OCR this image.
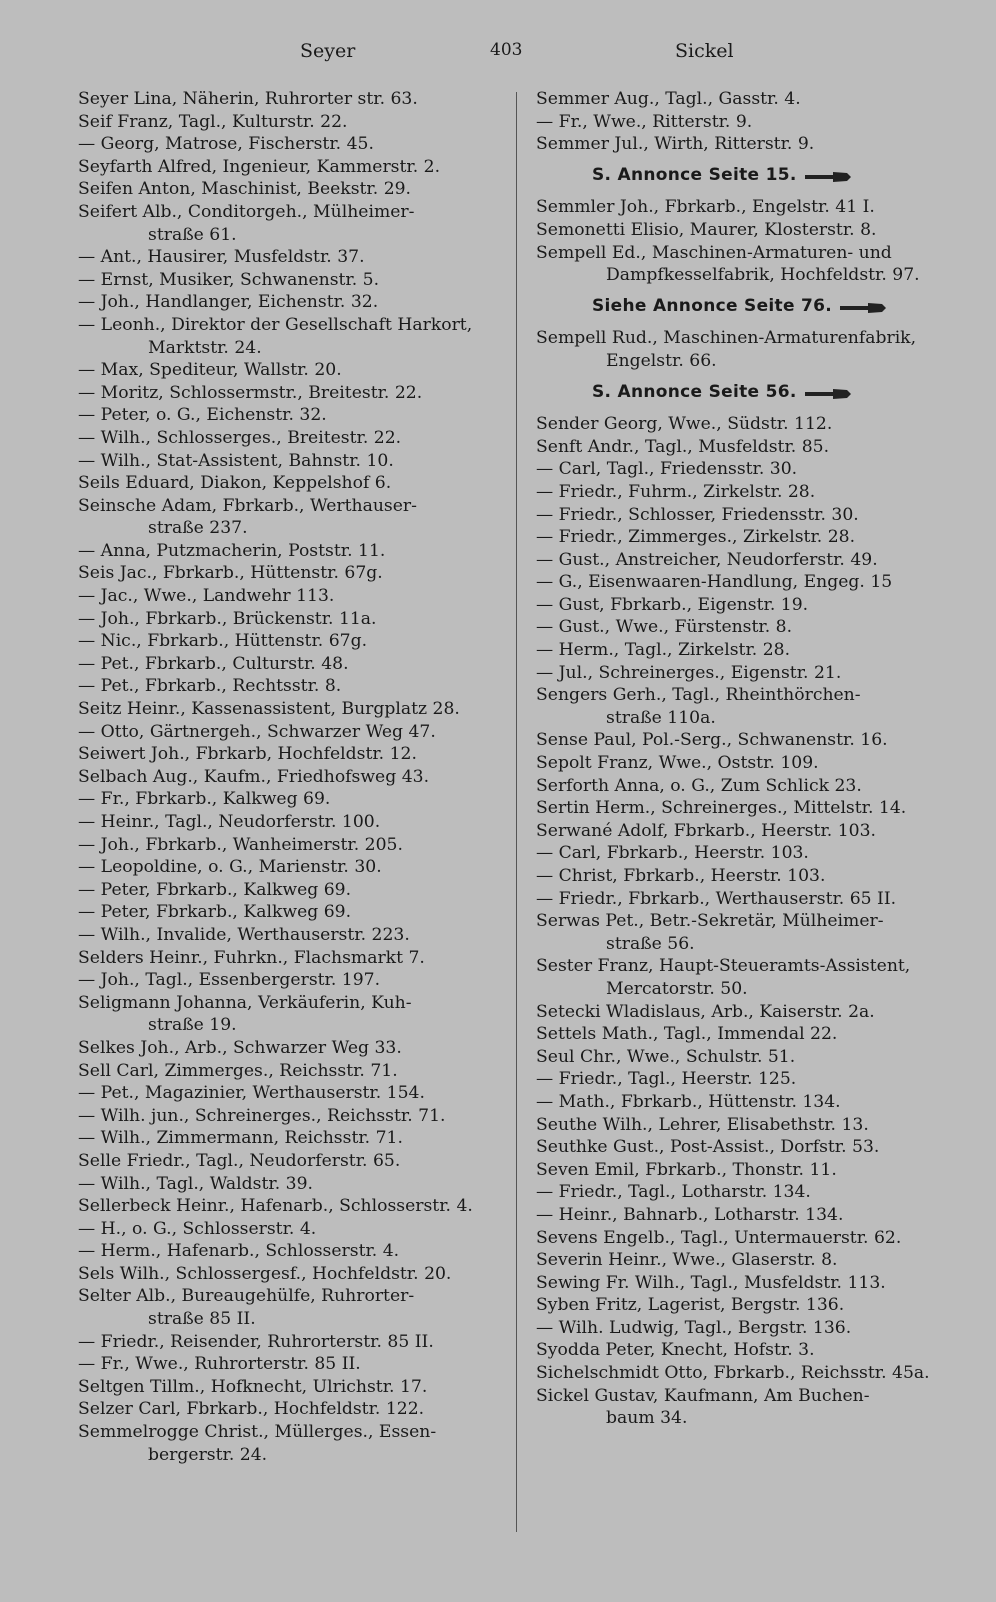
Seyer	403	Sickel
Seyer Lina, Näherin, Ruhrorter str. 63.
Seif Franz, Tagl., Kulturstr. 22.
— Georg, Matrose, Fischerstr. 45.
Seyfarth Alfred, Ingenieur, Kammerstr. 2.
Seifen Anton, Maschinist, Beekstr. 29.
Seifert Alb., Conditorgeh., Mülheimer-
straße 61.
— Ant., Hausirer, Musfeldstr. 37.
— Ernst, Musiker, Schwanenstr. 5.
— Joh., Handlanger, Eichenstr. 32.
— Leonh., Direktor der Gesellschaft Harkort,
Marktstr. 24.
— Max, Spediteur, Wallstr. 20.
— Moritz, Schlossermstr., Breitestr. 22.
— Peter, o. G., Eichenstr. 32.
— Wilh., Schlosserges., Breitestr. 22.
— Wilh., Stat-Assistent, Bahnstr. 10.
Seils Eduard, Diakon, Keppelshof 6.
Seinsche Adam, Fbrkarb., Werthauser-
straße 237.
— Anna, Putzmacherin, Poststr. 11.
Seis Jac., Fbrkarb., Hüttenstr. 67g.
— Jac., Wwe., Landwehr 113.
— Joh., Fbrkarb., Brückenstr. 11a.
— Nic., Fbrkarb., Hüttenstr. 67g.
— Pet., Fbrkarb., Culturstr. 48.
— Pet., Fbrkarb., Rechtsstr. 8.
Seitz Heinr., Kassenassistent, Burgplatz 28.
— Otto, Gärtnergeh., Schwarzer Weg 47.
Seiwert Joh., Fbrkarb, Hochfeldstr. 12.
Selbach Aug., Kaufm., Friedhofsweg 43.
— Fr., Fbrkarb., Kalkweg 69.
— Heinr., Tagl., Neudorferstr. 100.
— Joh., Fbrkarb., Wanheimerstr. 205.
— Leopoldine, o. G., Marienstr. 30.
— Peter, Fbrkarb., Kalkweg 69.
— Peter, Fbrkarb., Kalkweg 69.
— Wilh., Invalide, Werthauserstr. 223.
Selders Heinr., Fuhrkn., Flachsmarkt 7.
— Joh., Tagl., Essenbergerstr. 197.
Seligmann Johanna, Verkäuferin, Kuh-
straße 19.
Selkes Joh., Arb., Schwarzer Weg 33.
Sell Carl, Zimmerges., Reichsstr. 71.
— Pet., Magazinier, Werthauserstr. 154.
— Wilh. jun., Schreinerges., Reichsstr. 71.
— Wilh., Zimmermann, Reichsstr. 71.
Selle Friedr., Tagl., Neudorferstr. 65.
— Wilh., Tagl., Waldstr. 39.
Sellerbeck Heinr., Hafenarb., Schlosserstr. 4.
— H., o. G., Schlosserstr. 4.
— Herm., Hafenarb., Schlosserstr. 4.
Sels Wilh., Schlossergesf., Hochfeldstr. 20.
Selter Alb., Bureaugehülfe, Ruhrorter-
straße 85 II.
— Friedr., Reisender, Ruhrorterstr. 85 II.
— Fr., Wwe., Ruhrorterstr. 85 II.
Seltgen Tillm., Hofknecht, Ulrichstr. 17.
Selzer Carl, Fbrkarb., Hochfeldstr. 122.
Semmelrogge Christ., Müllerges., Essen-
bergerstr. 24.
Semmer Aug., Tagl., Gasstr. 4.
— Fr., Wwe., Ritterstr. 9.
Semmer Jul., Wirth, Ritterstr. 9.
S. Annonce Seite 15.
Semmler Joh., Fbrkarb., Engelstr. 41 I.
Semonetti Elisio, Maurer, Klosterstr. 8.
Sempell Ed., Maschinen-Armaturen- und
Dampfkesselfabrik, Hochfeldstr. 97.
Siehe Annonce Seite 76.
Sempell Rud., Maschinen-Armaturenfabrik,
Engelstr. 66.
S. Annonce Seite 56.
Sender Georg, Wwe., Südstr. 112.
Senft Andr., Tagl., Musfeldstr. 85.
— Carl, Tagl., Friedensstr. 30.
— Friedr., Fuhrm., Zirkelstr. 28.
— Friedr., Schlosser, Friedensstr. 30.
— Friedr., Zimmerges., Zirkelstr. 28.
— Gust., Anstreicher, Neudorferstr. 49.
— G., Eisenwaaren-Handlung, Engeg. 15
— Gust, Fbrkarb., Eigenstr. 19.
— Gust., Wwe., Fürstenstr. 8.
— Herm., Tagl., Zirkelstr. 28.
— Jul., Schreinerges., Eigenstr. 21.
Sengers Gerh., Tagl., Rheinthörchen-
straße 110a.
Sense Paul, Pol.-Serg., Schwanenstr. 16.
Sepolt Franz, Wwe., Oststr. 109.
Serforth Anna, o. G., Zum Schlick 23.
Sertin Herm., Schreinerges., Mittelstr. 14.
Serwané Adolf, Fbrkarb., Heerstr. 103.
— Carl, Fbrkarb., Heerstr. 103.
— Christ, Fbrkarb., Heerstr. 103.
— Friedr., Fbrkarb., Werthauserstr. 65 II.
Serwas Pet., Betr.-Sekretär, Mülheimer-
straße 56.
Sester Franz, Haupt-Steueramts-Assistent,
Mercatorstr. 50.
Setecki Wladislaus, Arb., Kaiserstr. 2a.
Settels Math., Tagl., Immendal 22.
Seul Chr., Wwe., Schulstr. 51.
— Friedr., Tagl., Heerstr. 125.
— Math., Fbrkarb., Hüttenstr. 134.
Seuthe Wilh., Lehrer, Elisabethstr. 13.
Seuthke Gust., Post-Assist., Dorfstr. 53.
Seven Emil, Fbrkarb., Thonstr. 11.
— Friedr., Tagl., Lotharstr. 134.
— Heinr., Bahnarb., Lotharstr. 134.
Sevens Engelb., Tagl., Untermauerstr. 62.
Severin Heinr., Wwe., Glaserstr. 8.
Sewing Fr. Wilh., Tagl., Musfeldstr. 113.
Syben Fritz, Lagerist, Bergstr. 136.
— Wilh. Ludwig, Tagl., Bergstr. 136.
Syodda Peter, Knecht, Hofstr. 3.
Sichelschmidt Otto, Fbrkarb., Reichsstr. 45a.
Sickel Gustav, Kaufmann, Am Buchen-
baum 34.
